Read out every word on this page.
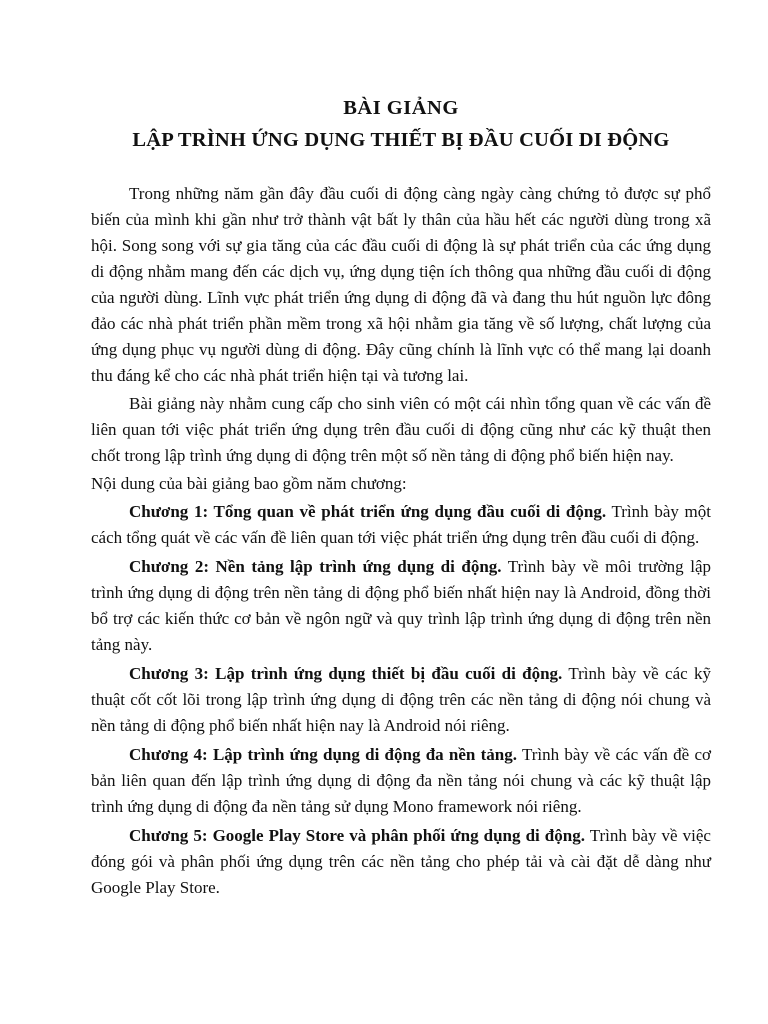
BÀI GIẢNG
LẬP TRÌNH ỨNG DỤNG THIẾT BỊ ĐẦU CUỐI DI ĐỘNG

Trong những năm gần đây đầu cuối di động càng ngày càng chứng tỏ được sự phổ biến của mình khi gần như trở thành vật bất ly thân của hầu hết các người dùng trong xã hội. Song song với sự gia tăng của các đầu cuối di động là sự phát triển của các ứng dụng di động nhằm mang đến các dịch vụ, ứng dụng tiện ích thông qua những đầu cuối di động của người dùng. Lĩnh vực phát triển ứng dụng di động đã và đang thu hút nguồn lực đông đảo các nhà phát triển phần mềm trong xã hội nhằm gia tăng về số lượng, chất lượng của ứng dụng phục vụ người dùng di động. Đây cũng chính là lĩnh vực có thể mang lại doanh thu đáng kể cho các nhà phát triển hiện tại và tương lai.

Bài giảng này nhằm cung cấp cho sinh viên có một cái nhìn tổng quan về các vấn đề liên quan tới việc phát triển ứng dụng trên đầu cuối di động cũng như các kỹ thuật then chốt trong lập trình ứng dụng di động trên một số nền tảng di động phổ biến hiện nay.

Nội dung của bài giảng bao gồm năm chương:

Chương 1: Tổng quan về phát triển ứng dụng đầu cuối di động. Trình bày một cách tổng quát về các vấn đề liên quan tới việc phát triển ứng dụng trên đầu cuối di động.

Chương 2: Nền tảng lập trình ứng dụng di động. Trình bày về môi trường lập trình ứng dụng di động trên nền tảng di động phổ biến nhất hiện nay là Android, đồng thời bổ trợ các kiến thức cơ bản về ngôn ngữ và quy trình lập trình ứng dụng di động trên nền tảng này.

Chương 3: Lập trình ứng dụng thiết bị đầu cuối di động. Trình bày về các kỹ thuật cốt cốt lõi trong lập trình ứng dụng di động trên các nền tảng di động nói chung và nền tảng di động phổ biến nhất hiện nay là Android nói riêng.

Chương 4: Lập trình ứng dụng di động đa nền tảng. Trình bày về các vấn đề cơ bản liên quan đến lập trình ứng dụng di động đa nền tảng nói chung và các kỹ thuật lập trình ứng dụng di động đa nền tảng sử dụng Mono framework nói riêng.

Chương 5: Google Play Store và phân phối ứng dụng di động. Trình bày về việc đóng gói và phân phối ứng dụng trên các nền tảng cho phép tải và cài đặt dễ dàng như Google Play Store.
